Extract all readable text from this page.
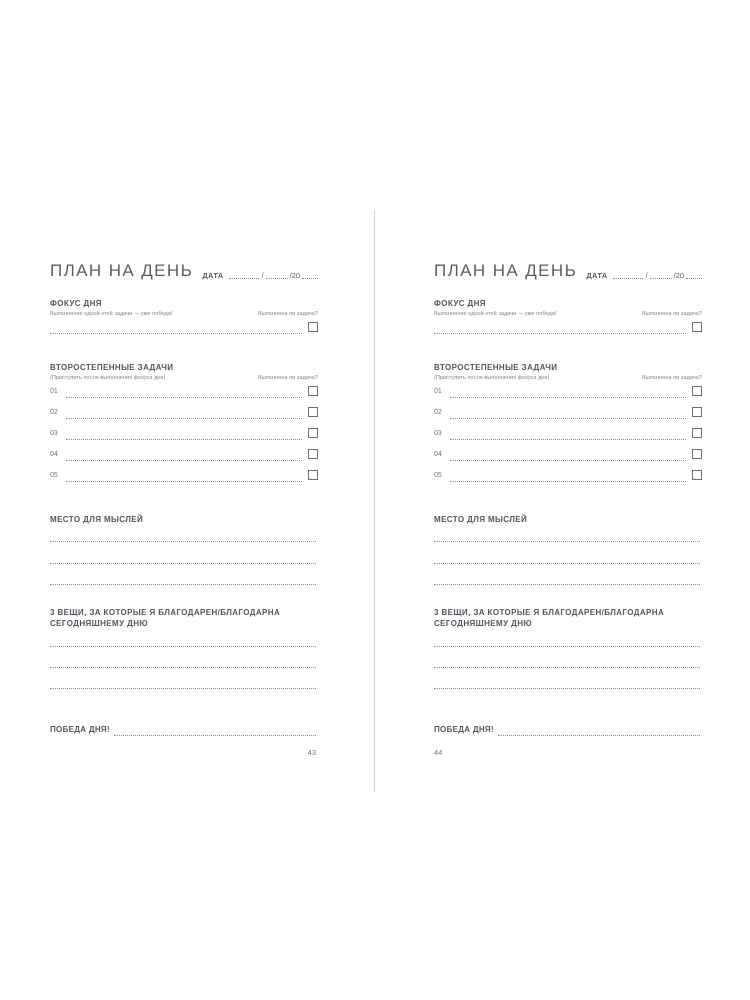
ПЛАН НА ДЕНЬ ДАТА	/	/20
ФОКУС ДНЯ
Выполнение одной этой задачи — уже победа!	Выполнена ли задача?
ВТОРОСТЕПЕННЫЕ ЗАДАЧИ
(Приступить после выполнения фокуса дня)	Выполнена ли задача?
01
02
03
04
05
МЕСТО ДЛЯ МЫСЛЕЙ
3 ВЕЩИ, ЗА КОТОРЫЕ Я БЛАГОДАРЕН/БЛАГОДАРНА
СЕГОДНЯШНЕМУ ДНЮ
ПОБЕДА ДНЯ!
43
ПЛАН НА ДЕНЬ ДАТА	/	/20
ФОКУС ДНЯ
Выполнение одной этой задачи — уже победа!	Выполнена ли задача?
ВТОРОСТЕПЕННЫЕ ЗАДАЧИ
(Приступить после выполнения фокуса дня)	Выполнена ли задача?
01
02
03
04
05
МЕСТО ДЛЯ МЫСЛЕЙ
3 ВЕЩИ, ЗА КОТОРЫЕ Я БЛАГОДАРЕН/БЛАГОДАРНА
СЕГОДНЯШНЕМУ ДНЮ
ПОБЕДА ДНЯ!
44
